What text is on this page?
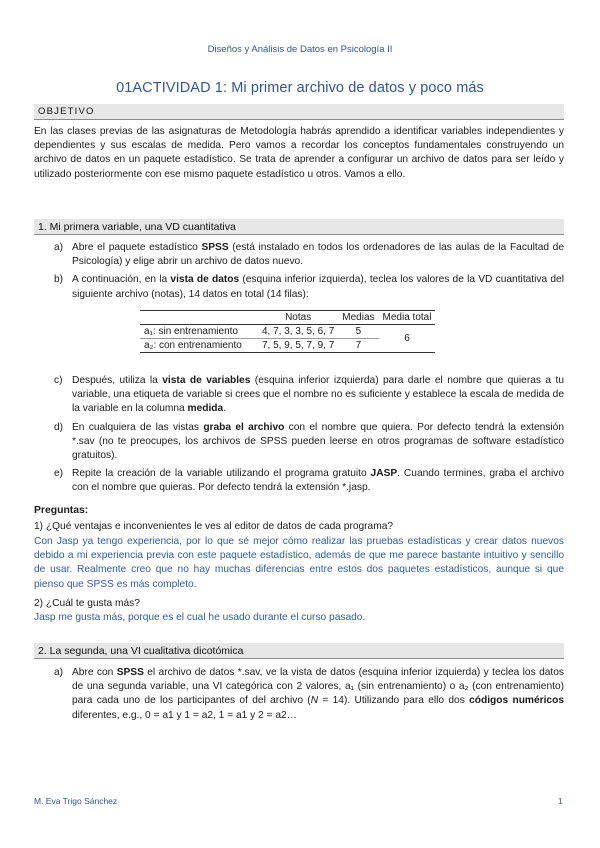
Diseños y Análisis de Datos en Psicología II
01ACTIVIDAD 1: Mi primer archivo de datos y poco más
OBJETIVO

En las clases previas de las asignaturas de Metodología habrás aprendido a identificar variables independientes y dependientes y sus escalas de medida. Pero vamos a recordar los conceptos fundamentales construyendo un archivo de datos en un paquete estadístico. Se trata de aprender a configurar un archivo de datos para ser leído y utilizado posteriormente con ese mismo paquete estadístico u otros. Vamos a ello.

1. Mi primera variable, una VD cuantitativa
a) Abre el paquete estadístico SPSS (está instalado en todos los ordenadores de las aulas de la Facultad de Psicología) y elige abrir un archivo de datos nuevo.
b) A continuación, en la vista de datos (esquina inferior izquierda), teclea los valores de la VD cuantitativa del siguiente archivo (notas), 14 datos en total (14 filas):
	Notas	Medias	Media total
a₁: sin entrenamiento	4, 7, 3, 3, 5, 6, 7	5	6
a₂: con entrenamiento	7, 5, 9, 5, 7, 9, 7	7	
c) Después, utiliza la vista de variables (esquina inferior izquierda) para darle el nombre que quieras a tu variable, una etiqueta de variable si crees que el nombre no es suficiente y establece la escala de medida de la variable en la columna medida.
d) En cualquiera de las vistas graba el archivo con el nombre que quiera. Por defecto tendrá la extensión *.sav (no te preocupes, los archivos de SPSS pueden leerse en otros programas de software estadístico gratuitos).
e) Repite la creación de la variable utilizando el programa gratuito JASP. Cuando termines, graba el archivo con el nombre que quieras. Por defecto tendrá la extensión *.jasp.
Preguntas:
1) ¿Qué ventajas e inconvenientes le ves al editor de datos de cada programa?

Con Jasp ya tengo experiencia, por lo que sé mejor cómo realizar las pruebas estadísticas y crear datos nuevos debido a mi experiencia previa con este paquete estadístico, además de que me parece bastante intuitivo y sencillo de usar. Realmente creo que no hay muchas diferencias entre estos dos paquetes estadísticos, aunque si que pienso que SPSS es más completo.

2) ¿Cuál te gusta más?
Jasp me gusta más, porque es el cual he usado durante el curso pasado.
2. La segunda, una VI cualitativa dicotómica
a) Abre con SPSS el archivo de datos *.sav, ve la vista de datos (esquina inferior izquierda) y teclea los datos de una segunda variable, una VI categórica con 2 valores, a₁ (sin entrenamiento) o a₂ (con entrenamiento) para cada uno de los participantes of del archivo (N = 14). Utilizando para ello dos códigos numéricos diferentes, e.g., 0 = a1 y 1 = a2, 1 = a1 y 2 = a2…
M. Eva Trigo Sánchez	1
